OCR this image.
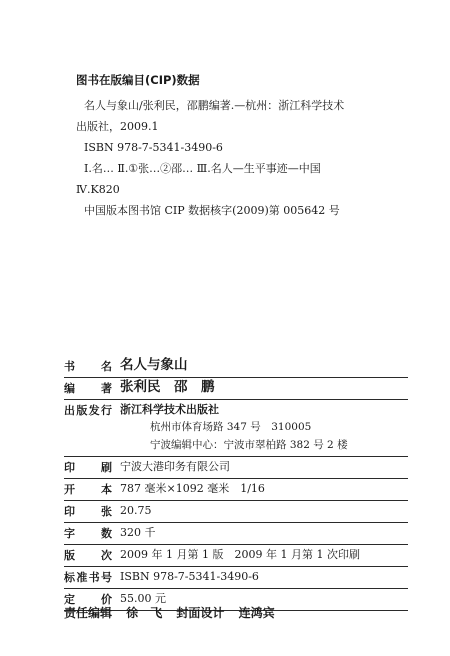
图书在版编目(CIP)数据
名人与象山/张利民，邵鹏编著.—杭州：浙江科学技术
出版社，2009.1
ISBN 978-7-5341-3490-6
Ⅰ.名… Ⅱ.①张…②邵… Ⅲ.名人—生平事迹—中国
Ⅳ.K820
中国版本图书馆 CIP 数据核字(2009)第 005642 号
书　名 名人与象山
编　著 张利民　邵　鹏
出版发行 浙江科学技术出版社
杭州市体育场路 347 号　310005
宁波编辑中心：宁波市翠柏路 382 号 2 楼
印　刷 宁波大港印务有限公司
开　本 787 毫米×1092 毫米　1/16
印　张 20.75
字　数 320 千
版　次 2009 年 1 月第 1 版　2009 年 1 月第 1 次印刷
标准书号 ISBN 978-7-5341-3490-6
定　价 55.00 元
责任编辑 徐　飞 封面设计 连鸿宾
